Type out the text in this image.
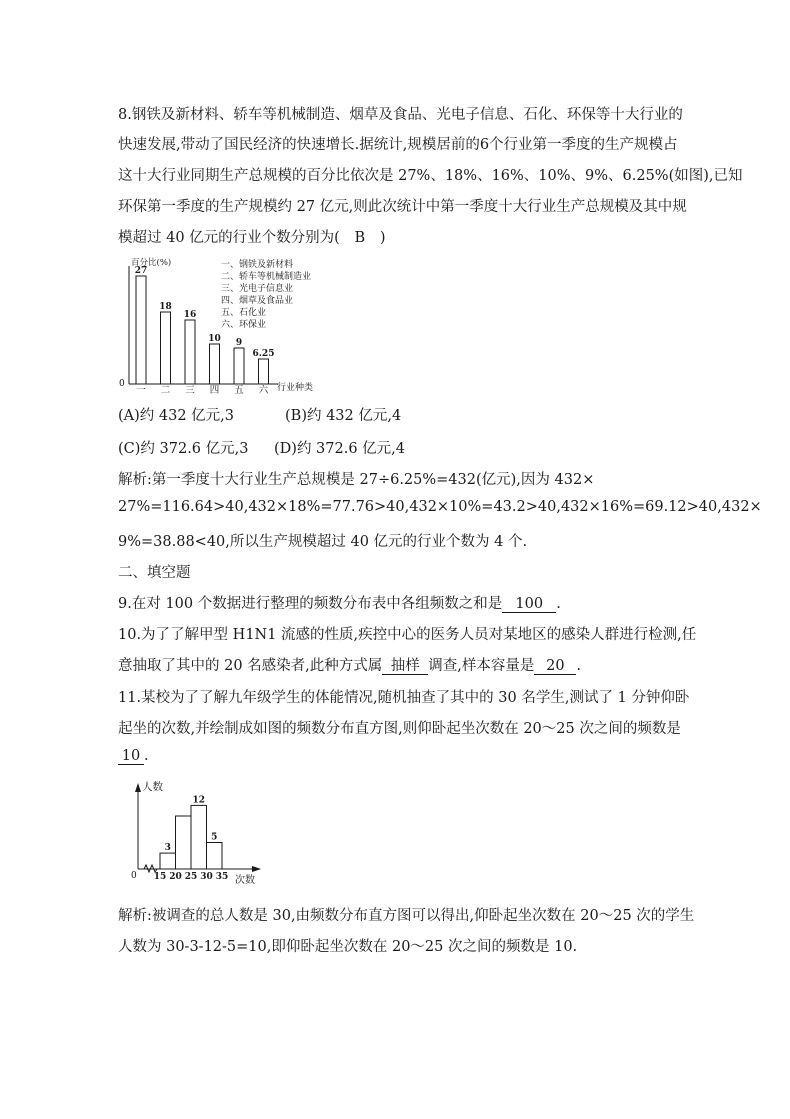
8.钢铁及新材料、轿车等机械制造、烟草及食品、光电子信息、石化、环保等十大行业的
快速发展,带动了国民经济的快速增长.据统计,规模居前的6个行业第一季度的生产规模占
这十大行业同期生产总规模的百分比依次是 27%、18%、16%、10%、9%、6.25%(如图),已知
环保第一季度的生产规模约 27 亿元,则此次统计中第一季度十大行业生产总规模及其中规
模超过 40 亿元的行业个数分别为( B )
百分比(%)
0	行业种类
27
一
18
二
16
三
10
四
9
五
6.25
六
一、钢铁及新材料
二、轿车等机械制造业
三、光电子信息业
四、烟草及食品业
五、石化业
六、环保业
(A)约 432 亿元,3	(B)约 432 亿元,4
(C)约 372.6 亿元,3 (D)约 372.6 亿元,4
解析:第一季度十大行业生产总规模是 27÷6.25%=432(亿元),因为 432×
27%=116.64>40,432×18%=77.76>40,432×10%=43.2>40,432×16%=69.12>40,432×
9%=38.88<40,所以生产规模超过 40 亿元的行业个数为 4 个.
二、填空题
9.在对 100 个数据进行整理的频数分布表中各组频数之和是 100 .
10.为了了解甲型 H1N1 流感的性质,疾控中心的医务人员对某地区的感染人群进行检测,任
意抽取了其中的 20 名感染者,此种方式属 抽样 调查,样本容量是 20 .
11.某校为了了解九年级学生的体能情况,随机抽查了其中的 30 名学生,测试了 1 分钟仰卧
起坐的次数,并绘制成如图的频数分布直方图,则仰卧起坐次数在 20～25 次之间的频数是
10 .
人数
0	次数
3
12
5
15 20 25 30 35
解析:被调查的总人数是 30,由频数分布直方图可以得出,仰卧起坐次数在 20～25 次的学生
人数为 30-3-12-5=10,即仰卧起坐次数在 20～25 次之间的频数是 10.
